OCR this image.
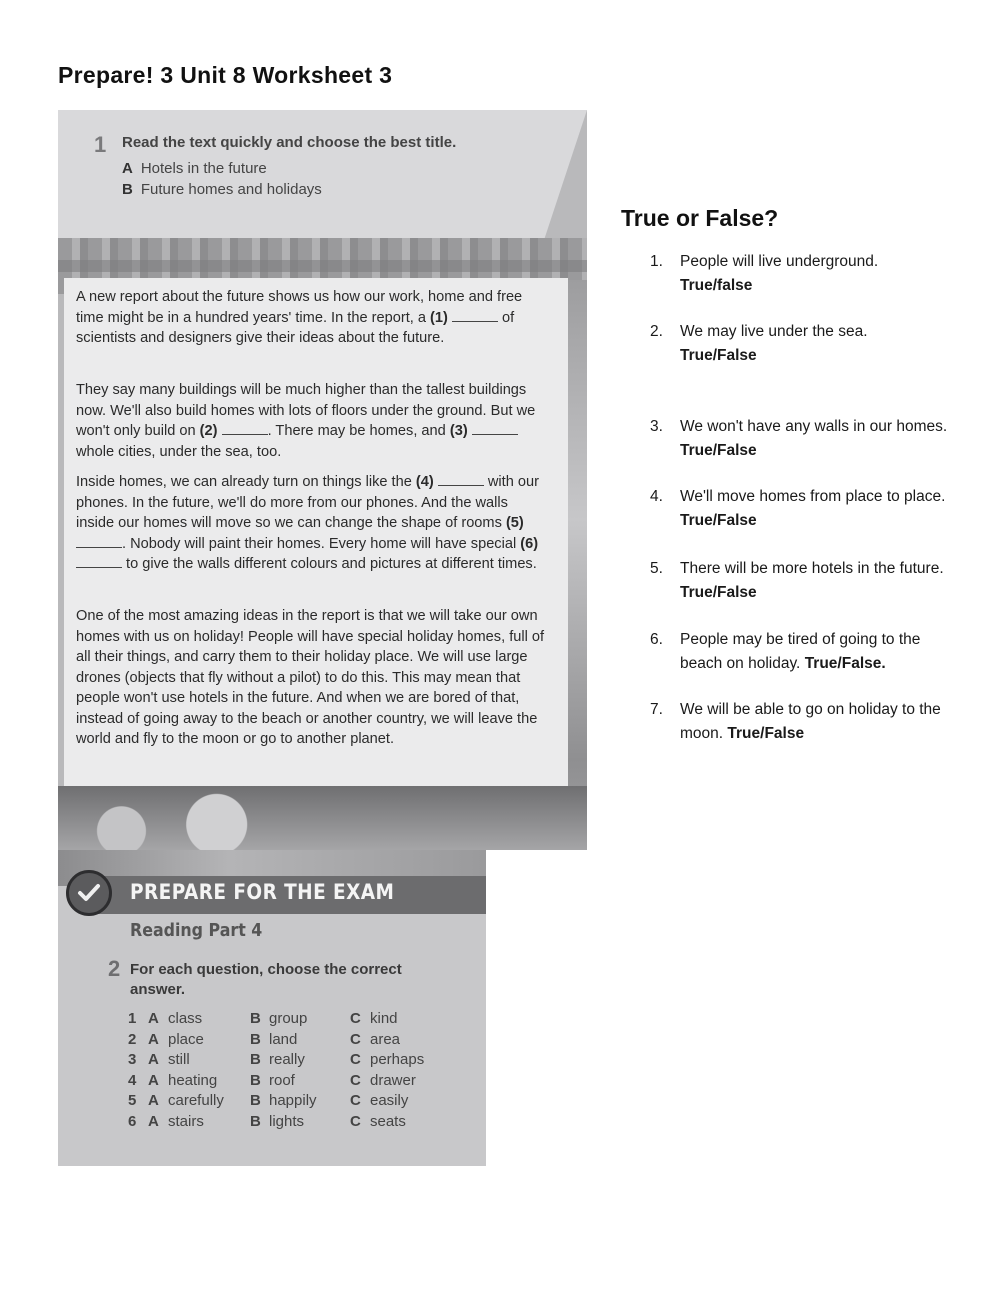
Prepare! 3 Unit 8 Worksheet 3
1 Read the text quickly and choose the best title.
A Hotels in the future
B Future homes and holidays

A new report about the future shows us how our work, home and free time might be in a hundred years' time. In the report, a (1)	of scientists and designers give their ideas about the future.

They say many buildings will be much higher than the tallest buildings now. We'll also build homes with lots of floors under the ground. But we won't only build on (2)	. There may be homes, and (3)  whole cities, under the sea, too.

Inside homes, we can already turn on things like the (4)	with our phones. In the future, we'll do more from our phones. And the walls inside our homes will move so we can change the shape of rooms (5) . Nobody will paint their homes. Every home will have special (6)  to give the walls different colours and pictures at different times.

One of the most amazing ideas in the report is that we will take our own homes with us on holiday! People will have special holiday homes, full of all their things, and carry them to their holiday place. We will use large drones (objects that fly without a pilot) to do this. This may mean that people won't use hotels in the future. And when we are bored of that, instead of going away to the beach or another country, we will leave the world and fly to the moon or go to another planet.

PREPARE FOR THE EXAM
Reading Part 4
2 For each question, choose the correct answer.
1 A class	B group	C kind
2 A place	B land	C area
3 A still	B really	C perhaps
4 A heating B roof	C drawer
5 A carefully B happily C easily
6 A stairs	B lights	C seats
True or False?
1. People will live underground.
True/false
2. We may live under the sea.
True/False
3. We won't have any walls in our homes. True/False
4. We'll move homes from place to place. True/False
5. There will be more hotels in the future. True/False
6. People may be tired of going to the beach on holiday. True/False.
7. We will be able to go on holiday to the moon. True/False
